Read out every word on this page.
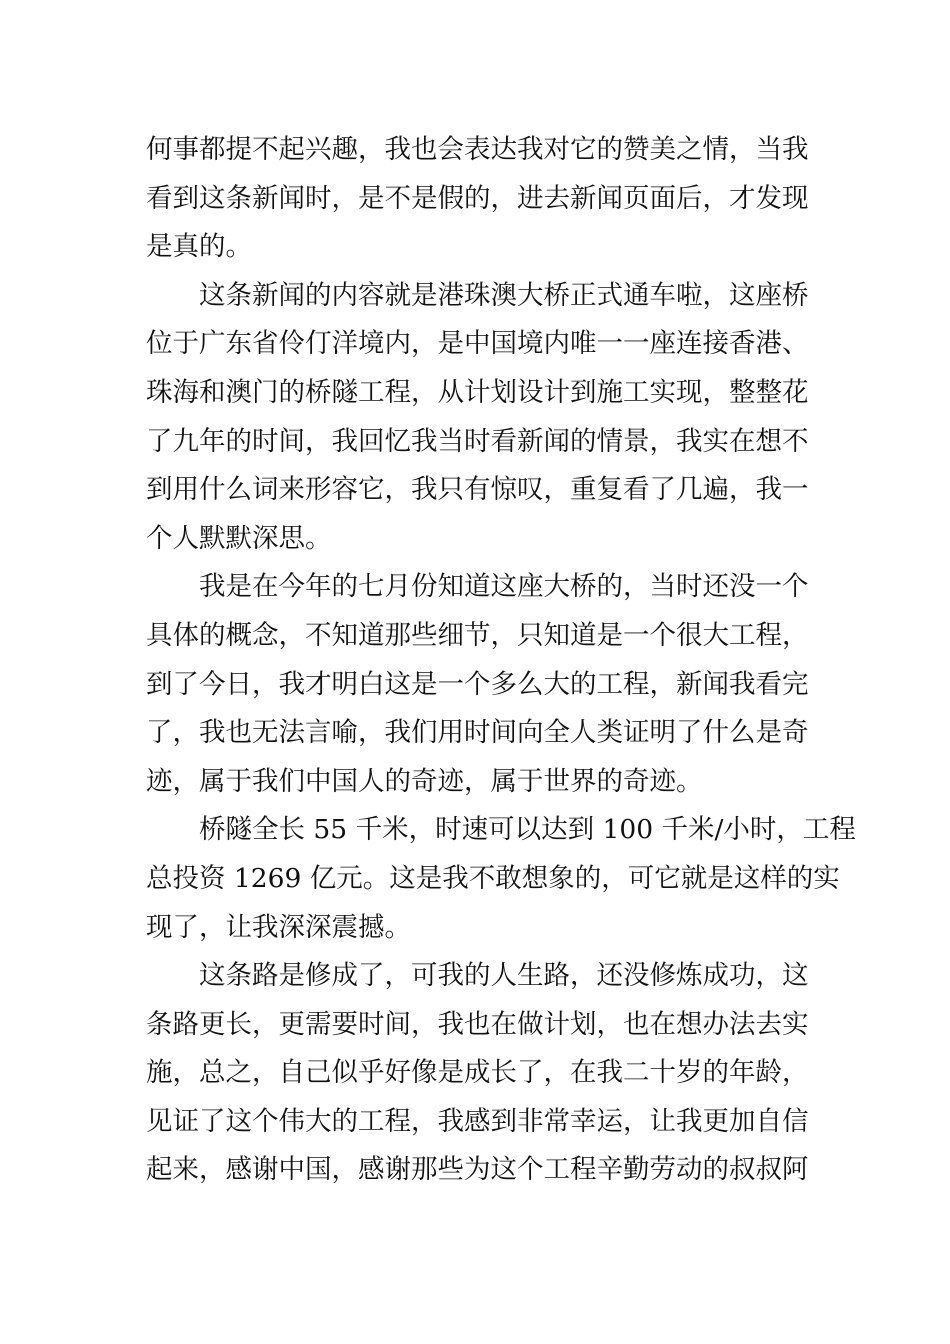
何事都提不起兴趣，我也会表达我对它的赞美之情，当我
看到这条新闻时，是不是假的，进去新闻页面后，才发现
是真的。
这条新闻的内容就是港珠澳大桥正式通车啦，这座桥
位于广东省伶仃洋境内，是中国境内唯一一座连接香港、
珠海和澳门的桥隧工程，从计划设计到施工实现，整整花
了九年的时间，我回忆我当时看新闻的情景，我实在想不
到用什么词来形容它，我只有惊叹，重复看了几遍，我一
个人默默深思。
我是在今年的七月份知道这座大桥的，当时还没一个
具体的概念，不知道那些细节，只知道是一个很大工程，
到了今日，我才明白这是一个多么大的工程，新闻我看完
了，我也无法言喻，我们用时间向全人类证明了什么是奇
迹，属于我们中国人的奇迹，属于世界的奇迹。
桥隧全长 55 千米，时速可以达到 100 千米/小时，工程
总投资 1269 亿元。这是我不敢想象的，可它就是这样的实
现了，让我深深震撼。
这条路是修成了，可我的人生路，还没修炼成功，这
条路更长，更需要时间，我也在做计划，也在想办法去实
施，总之，自己似乎好像是成长了，在我二十岁的年龄，
见证了这个伟大的工程，我感到非常幸运，让我更加自信
起来，感谢中国，感谢那些为这个工程辛勤劳动的叔叔阿
